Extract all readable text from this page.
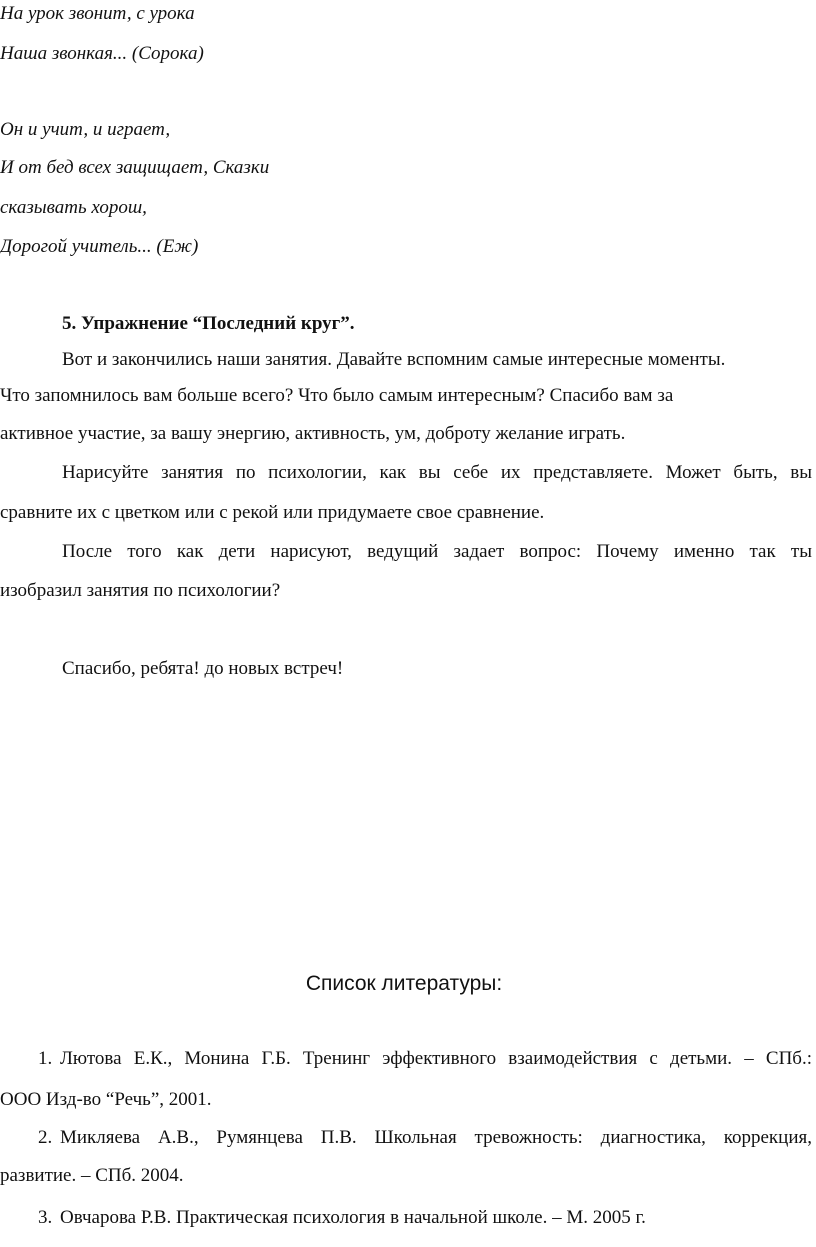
На урок звонит, с урока
Наша звонкая... (Сорока)
Он и учит, и играет,
И от бед всех защищает, Сказки
сказывать хорош,
Дорогой учитель... (Еж)
5. Упражнение “Последний круг”.
Вот и закончились наши занятия. Давайте вспомним самые интересные моменты.
Что запомнилось вам больше всего? Что было самым интересным? Спасибо вам за
активное участие, за вашу энергию, активность, ум, доброту желание играть.
Нарисуйте занятия по психологии, как вы себе их представляете. Может быть, вы
сравните их с цветком или с рекой или придумаете свое сравнение.
После того как дети нарисуют, ведущий задает вопрос: Почему именно так ты
изобразил занятия по психологии?
Спасибо, ребята! до новых встреч!
Список литературы:
1. Лютова Е.К., Монина Г.Б. Тренинг эффективного взаимодействия с детьми. – СПб.:
ООО Изд-во “Речь”, 2001.
2. Микляева А.В., Румянцева П.В. Школьная тревожность: диагностика, коррекция,
развитие. – СПб. 2004.
3. Овчарова Р.В. Практическая психология в начальной школе. – М. 2005 г.
